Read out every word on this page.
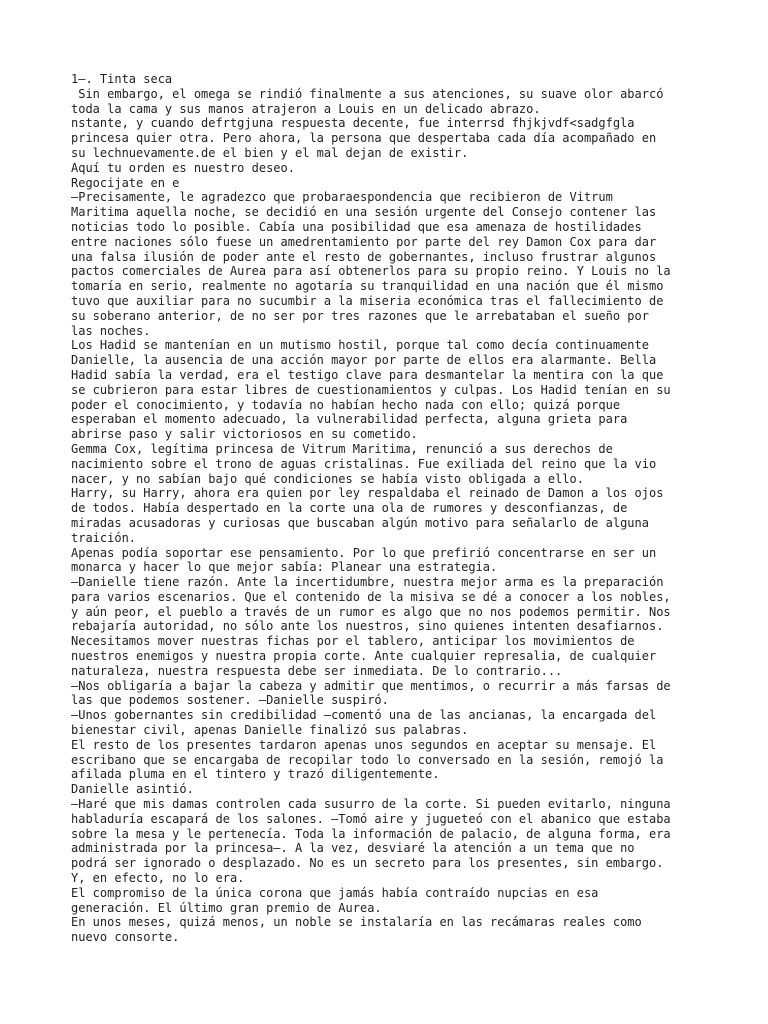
1—. Tinta seca
Sin embargo, el omega se rindió finalmente a sus atenciones, su suave olor abarcó
toda la cama y sus manos atrajeron a Louis en un delicado abrazo.
nstante, y cuando defrtgjuna respuesta decente, fue interrsd fhjkjvdf<sadgfgla
princesa quier otra. Pero ahora, la persona que despertaba cada día acompañado en
su lechnuevamente.de el bien y el mal dejan de existir.
Aquí tu orden es nuestro deseo.
Regocijate en e
—Precisamente, le agradezco que probaraespondencia que recibieron de Vitrum
Maritima aquella noche, se decidió en una sesión urgente del Consejo contener las
noticias todo lo posible. Cabía una posibilidad que esa amenaza de hostilidades
entre naciones sólo fuese un amedrentamiento por parte del rey Damon Cox para dar
una falsa ilusión de poder ante el resto de gobernantes, incluso frustrar algunos
pactos comerciales de Aurea para así obtenerlos para su propio reino. Y Louis no la
tomaría en serio, realmente no agotaría su tranquilidad en una nación que él mismo
tuvo que auxiliar para no sucumbir a la miseria económica tras el fallecimiento de
su soberano anterior, de no ser por tres razones que le arrebataban el sueño por
las noches.
Los Hadid se mantenían en un mutismo hostil, porque tal como decía continuamente
Danielle, la ausencia de una acción mayor por parte de ellos era alarmante. Bella
Hadid sabía la verdad, era el testigo clave para desmantelar la mentira con la que
se cubrieron para estar libres de cuestionamientos y culpas. Los Hadid tenían en su
poder el conocimiento, y todavía no habían hecho nada con ello; quizá porque
esperaban el momento adecuado, la vulnerabilidad perfecta, alguna grieta para
abrirse paso y salir victoriosos en su cometido.
Gemma Cox, legítima princesa de Vitrum Maritima, renunció a sus derechos de
nacimiento sobre el trono de aguas cristalinas. Fue exiliada del reino que la vio
nacer, y no sabían bajo qué condiciones se había visto obligada a ello.
Harry, su Harry, ahora era quien por ley respaldaba el reinado de Damon a los ojos
de todos. Había despertado en la corte una ola de rumores y desconfianzas, de
miradas acusadoras y curiosas que buscaban algún motivo para señalarlo de alguna
traición.
Apenas podía soportar ese pensamiento. Por lo que prefirió concentrarse en ser un
monarca y hacer lo que mejor sabía: Planear una estrategia.
—Danielle tiene razón. Ante la incertidumbre, nuestra mejor arma es la preparación
para varios escenarios. Que el contenido de la misiva se dé a conocer a los nobles,
y aún peor, el pueblo a través de un rumor es algo que no nos podemos permitir. Nos
rebajaría autoridad, no sólo ante los nuestros, sino quienes intenten desafiarnos.
Necesitamos mover nuestras fichas por el tablero, anticipar los movimientos de
nuestros enemigos y nuestra propia corte. Ante cualquier represalia, de cualquier
naturaleza, nuestra respuesta debe ser inmediata. De lo contrario...
—Nos obligaría a bajar la cabeza y admitir que mentimos, o recurrir a más farsas de
las que podemos sostener. —Danielle suspiró.
—Unos gobernantes sin credibilidad —comentó una de las ancianas, la encargada del
bienestar civil, apenas Danielle finalizó sus palabras.
El resto de los presentes tardaron apenas unos segundos en aceptar su mensaje. El
escribano que se encargaba de recopilar todo lo conversado en la sesión, remojó la
afilada pluma en el tintero y trazó diligentemente.
Danielle asintió.
—Haré que mis damas controlen cada susurro de la corte. Si pueden evitarlo, ninguna
habladuría escapará de los salones. —Tomó aire y jugueteó con el abanico que estaba
sobre la mesa y le pertenecía. Toda la información de palacio, de alguna forma, era
administrada por la princesa—. A la vez, desviaré la atención a un tema que no
podrá ser ignorado o desplazado. No es un secreto para los presentes, sin embargo.
Y, en efecto, no lo era.
El compromiso de la única corona que jamás había contraído nupcias en esa
generación. El último gran premio de Aurea.
En unos meses, quizá menos, un noble se instalaría en las recámaras reales como
nuevo consorte.
